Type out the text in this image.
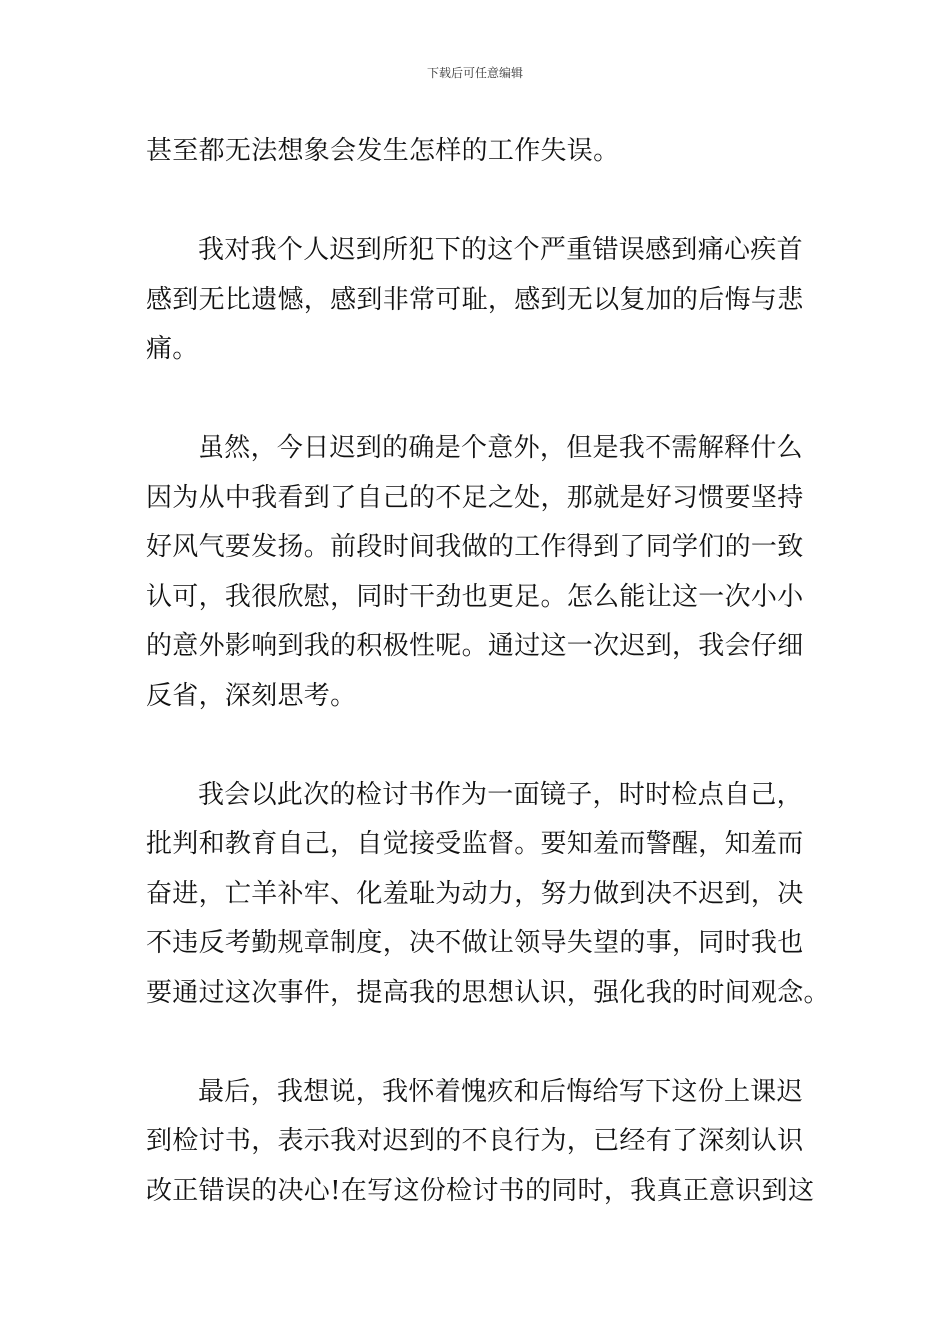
下载后可任意编辑
甚至都无法想象会发生怎样的工作失误。
我对我个人迟到所犯下的这个严重错误感到痛心疾首
感到无比遗憾，感到非常可耻，感到无以复加的后悔与悲
痛。
虽然，今日迟到的确是个意外，但是我不需解释什么
因为从中我看到了自己的不足之处，那就是好习惯要坚持
好风气要发扬。前段时间我做的工作得到了同学们的一致
认可，我很欣慰，同时干劲也更足。怎么能让这一次小小
的意外影响到我的积极性呢。通过这一次迟到，我会仔细
反省，深刻思考。
我会以此次的检讨书作为一面镜子，时时检点自己，
批判和教育自己，自觉接受监督。要知羞而警醒，知羞而
奋进，亡羊补牢、化羞耻为动力，努力做到决不迟到，决
不违反考勤规章制度，决不做让领导失望的事，同时我也
要通过这次事件，提高我的思想认识，强化我的时间观念。
最后，我想说，我怀着愧疚和后悔给写下这份上课迟
到检讨书，表示我对迟到的不良行为，已经有了深刻认识
改正错误的决心!在写这份检讨书的同时，我真正意识到这
